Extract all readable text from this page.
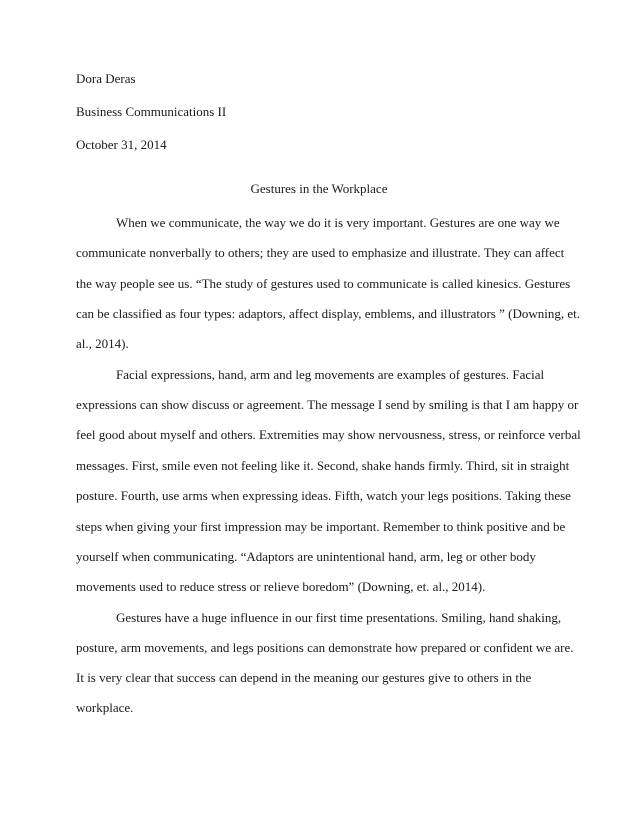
Dora Deras
Business Communications II
October 31, 2014
Gestures in the Workplace
When we communicate, the way we do it is very important. Gestures are one way we
communicate nonverbally to others; they are used to emphasize and illustrate. They can affect
the way people see us. “The study of gestures used to communicate is called kinesics. Gestures
can be classified as four types: adaptors, affect display, emblems, and illustrators ” (Downing, et.
al., 2014).
Facial expressions, hand, arm and leg movements are examples of gestures. Facial
expressions can show discuss or agreement. The message I send by smiling is that I am happy or
feel good about myself and others. Extremities may show nervousness, stress, or reinforce verbal
messages. First, smile even not feeling like it. Second, shake hands firmly. Third, sit in straight
posture. Fourth, use arms when expressing ideas. Fifth, watch your legs positions. Taking these
steps when giving your first impression may be important. Remember to think positive and be
yourself when communicating. “Adaptors are unintentional hand, arm, leg or other body
movements used to reduce stress or relieve boredom” (Downing, et. al., 2014).
Gestures have a huge influence in our first time presentations. Smiling, hand shaking,
posture, arm movements, and legs positions can demonstrate how prepared or confident we are.
It is very clear that success can depend in the meaning our gestures give to others in the
workplace.
